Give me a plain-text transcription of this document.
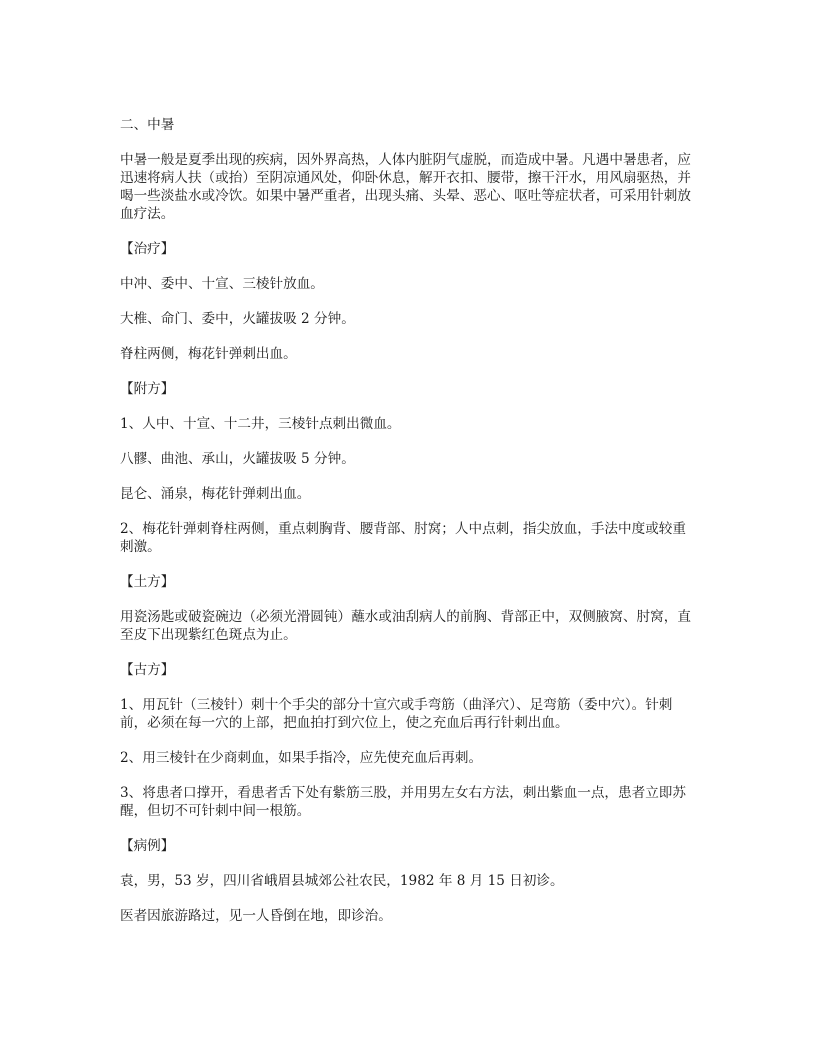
二、中暑

中暑一般是夏季出现的疾病，因外界高热，人体内脏阴气虚脱，而造成中暑。凡遇中暑患者，应迅速将病人扶（或抬）至阴凉通风处，仰卧休息，解开衣扣、腰带，擦干汗水，用风扇驱热，并喝一些淡盐水或冷饮。如果中暑严重者，出现头痛、头晕、恶心、呕吐等症状者，可采用针刺放血疗法。

【治疗】

中冲、委中、十宣、三棱针放血。

大椎、命门、委中，火罐拔吸 2 分钟。

脊柱两侧，梅花针弹刺出血。

【附方】

1、人中、十宣、十二井，三棱针点刺出微血。

八髎、曲池、承山，火罐拔吸 5 分钟。

昆仑、涌泉，梅花针弹刺出血。

2、梅花针弹刺脊柱两侧，重点刺胸背、腰背部、肘窝；人中点刺，指尖放血，手法中度或较重刺激。

【土方】

用瓷汤匙或破瓷碗边（必须光滑圆钝）蘸水或油刮病人的前胸、背部正中，双侧腋窝、肘窝，直至皮下出现紫红色斑点为止。

【古方】

1、用瓦针（三棱针）刺十个手尖的部分十宣穴或手弯筋（曲泽穴）、足弯筋（委中穴）。针刺前，必须在每一穴的上部，把血拍打到穴位上，使之充血后再行针刺出血。

2、用三棱针在少商刺血，如果手指冷，应先使充血后再刺。

3、将患者口撑开，看患者舌下处有紫筋三股，并用男左女右方法，刺出紫血一点，患者立即苏醒，但切不可针刺中间一根筋。

【病例】

袁，男，53 岁，四川省峨眉县城郊公社农民，1982 年 8 月 15 日初诊。

医者因旅游路过，见一人昏倒在地，即诊治。
